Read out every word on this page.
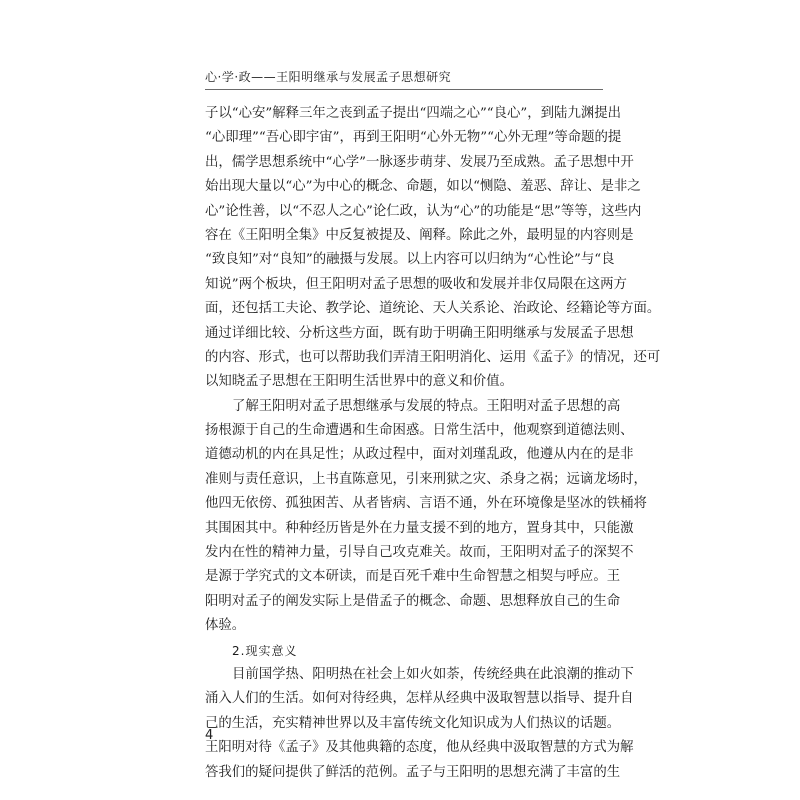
心·学·政——王阳明继承与发展孟子思想研究
子以“心安”解释三年之丧到孟子提出“四端之心”“良心”，到陆九渊提出
“心即理”“吾心即宇宙”，再到王阳明“心外无物”“心外无理”等命题的提
出，儒学思想系统中“心学”一脉逐步萌芽、发展乃至成熟。孟子思想中开
始出现大量以“心”为中心的概念、命题，如以“恻隐、羞恶、辞让、是非之
心”论性善，以“不忍人之心”论仁政，认为“心”的功能是“思”等等，这些内
容在《王阳明全集》中反复被提及、阐释。除此之外，最明显的内容则是
“致良知”对“良知”的融摄与发展。以上内容可以归纳为“心性论”与“良
知说”两个板块，但王阳明对孟子思想的吸收和发展并非仅局限在这两方
面，还包括工夫论、教学论、道统论、天人关系论、治政论、经籍论等方面。
通过详细比较、分析这些方面，既有助于明确王阳明继承与发展孟子思想
的内容、形式，也可以帮助我们弄清王阳明消化、运用《孟子》的情况，还可
以知晓孟子思想在王阳明生活世界中的意义和价值。
了解王阳明对孟子思想继承与发展的特点。王阳明对孟子思想的高
扬根源于自己的生命遭遇和生命困惑。日常生活中，他观察到道德法则、
道德动机的内在具足性；从政过程中，面对刘瑾乱政，他遵从内在的是非
准则与责任意识，上书直陈意见，引来刑狱之灾、杀身之祸；远谪龙场时，
他四无依傍、孤独困苦、从者皆病、言语不通，外在环境像是坚冰的铁桶将
其围困其中。种种经历皆是外在力量支援不到的地方，置身其中，只能激
发内在性的精神力量，引导自己攻克难关。故而，王阳明对孟子的深契不
是源于学究式的文本研读，而是百死千难中生命智慧之相契与呼应。王
阳明对孟子的阐发实际上是借孟子的概念、命题、思想释放自己的生命
体验。
2.现实意义
目前国学热、阳明热在社会上如火如荼，传统经典在此浪潮的推动下
涌入人们的生活。如何对待经典，怎样从经典中汲取智慧以指导、提升自
己的生活，充实精神世界以及丰富传统文化知识成为人们热议的话题。
王阳明对待《孟子》及其他典籍的态度，他从经典中汲取智慧的方式为解
答我们的疑问提供了鲜活的范例。孟子与王阳明的思想充满了丰富的生
4
